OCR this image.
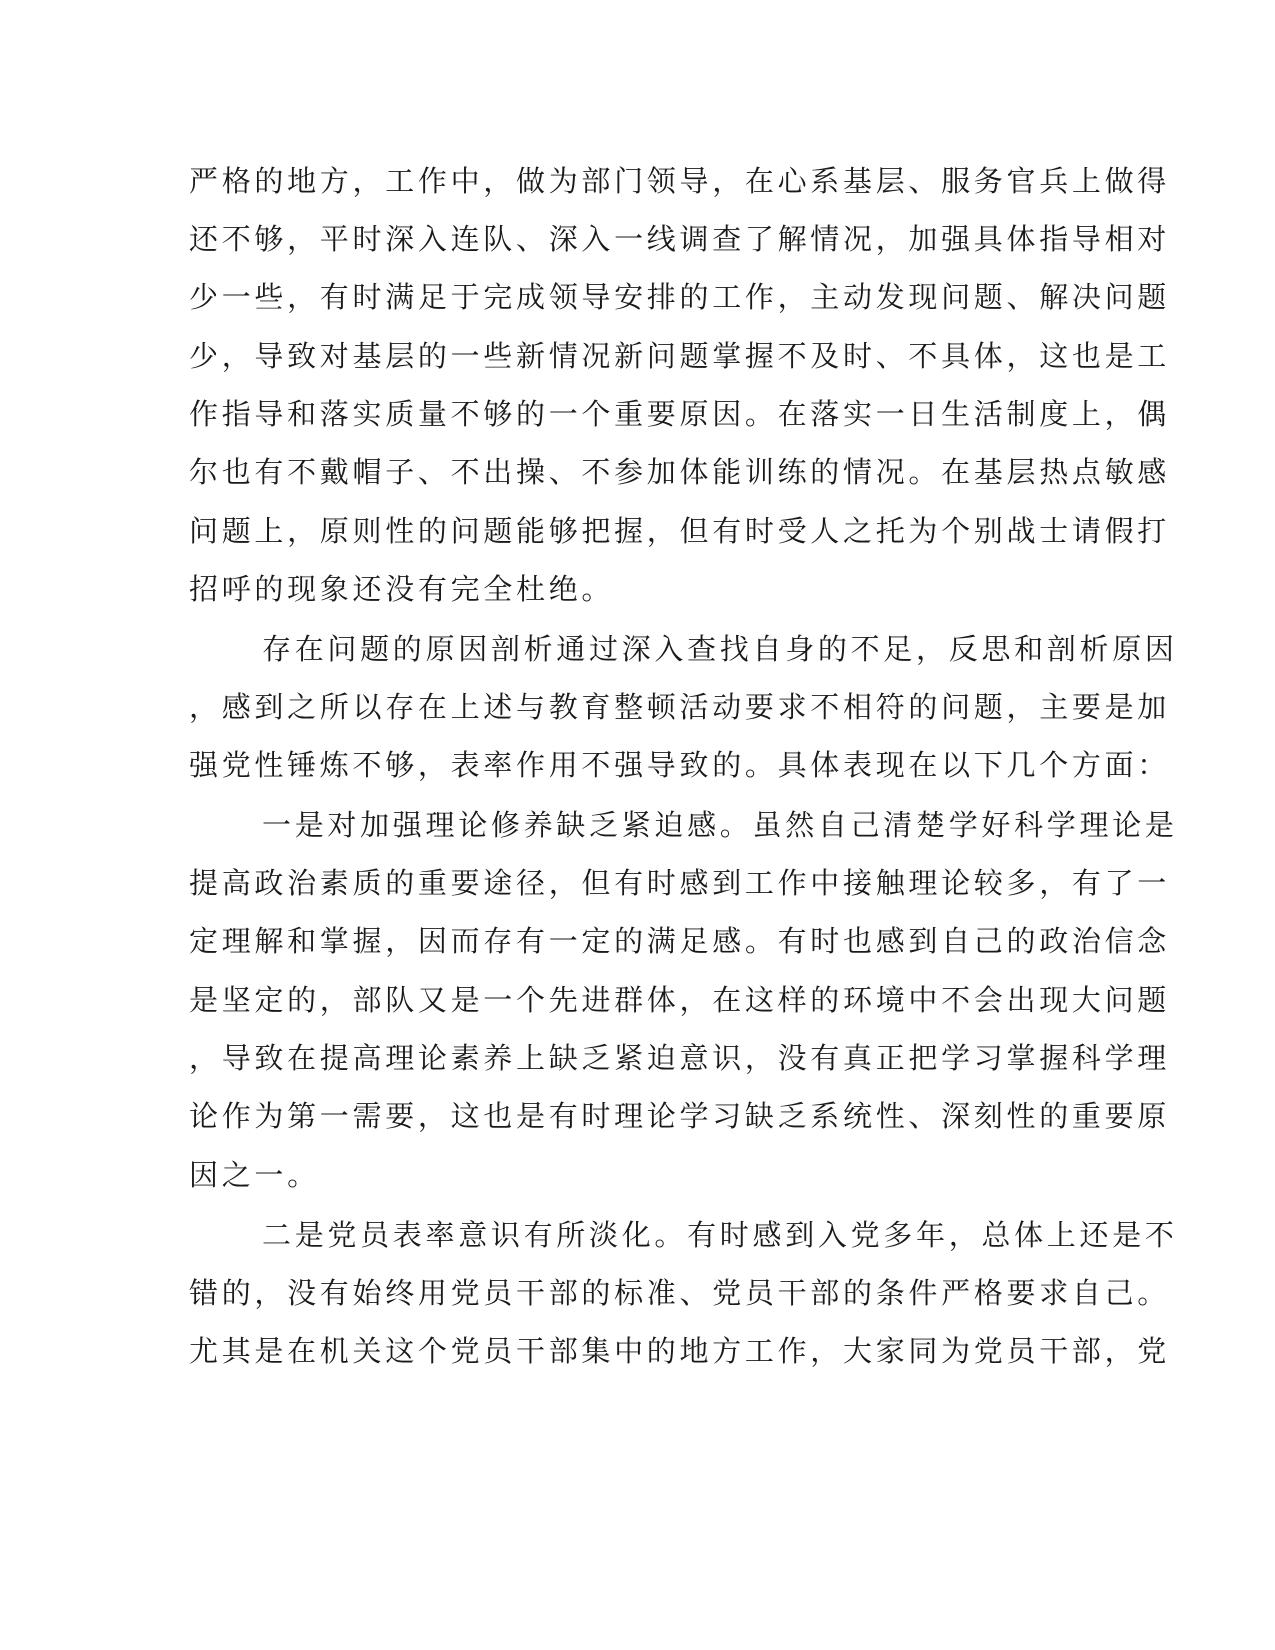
严格的地方，工作中，做为部门领导，在心系基层、服务官兵上做得
还不够，平时深入连队、深入一线调查了解情况，加强具体指导相对
少一些，有时满足于完成领导安排的工作，主动发现问题、解决问题
少，导致对基层的一些新情况新问题掌握不及时、不具体，这也是工
作指导和落实质量不够的一个重要原因。在落实一日生活制度上，偶
尔也有不戴帽子、不出操、不参加体能训练的情况。在基层热点敏感
问题上，原则性的问题能够把握，但有时受人之托为个别战士请假打
招呼的现象还没有完全杜绝。
存在问题的原因剖析通过深入查找自身的不足，反思和剖析原因
，感到之所以存在上述与教育整顿活动要求不相符的问题，主要是加
强党性锤炼不够，表率作用不强导致的。具体表现在以下几个方面：
一是对加强理论修养缺乏紧迫感。虽然自己清楚学好科学理论是
提高政治素质的重要途径，但有时感到工作中接触理论较多，有了一
定理解和掌握，因而存有一定的满足感。有时也感到自己的政治信念
是坚定的，部队又是一个先进群体，在这样的环境中不会出现大问题
，导致在提高理论素养上缺乏紧迫意识，没有真正把学习掌握科学理
论作为第一需要，这也是有时理论学习缺乏系统性、深刻性的重要原
因之一。
二是党员表率意识有所淡化。有时感到入党多年，总体上还是不
错的，没有始终用党员干部的标准、党员干部的条件严格要求自己。
尤其是在机关这个党员干部集中的地方工作，大家同为党员干部，党
